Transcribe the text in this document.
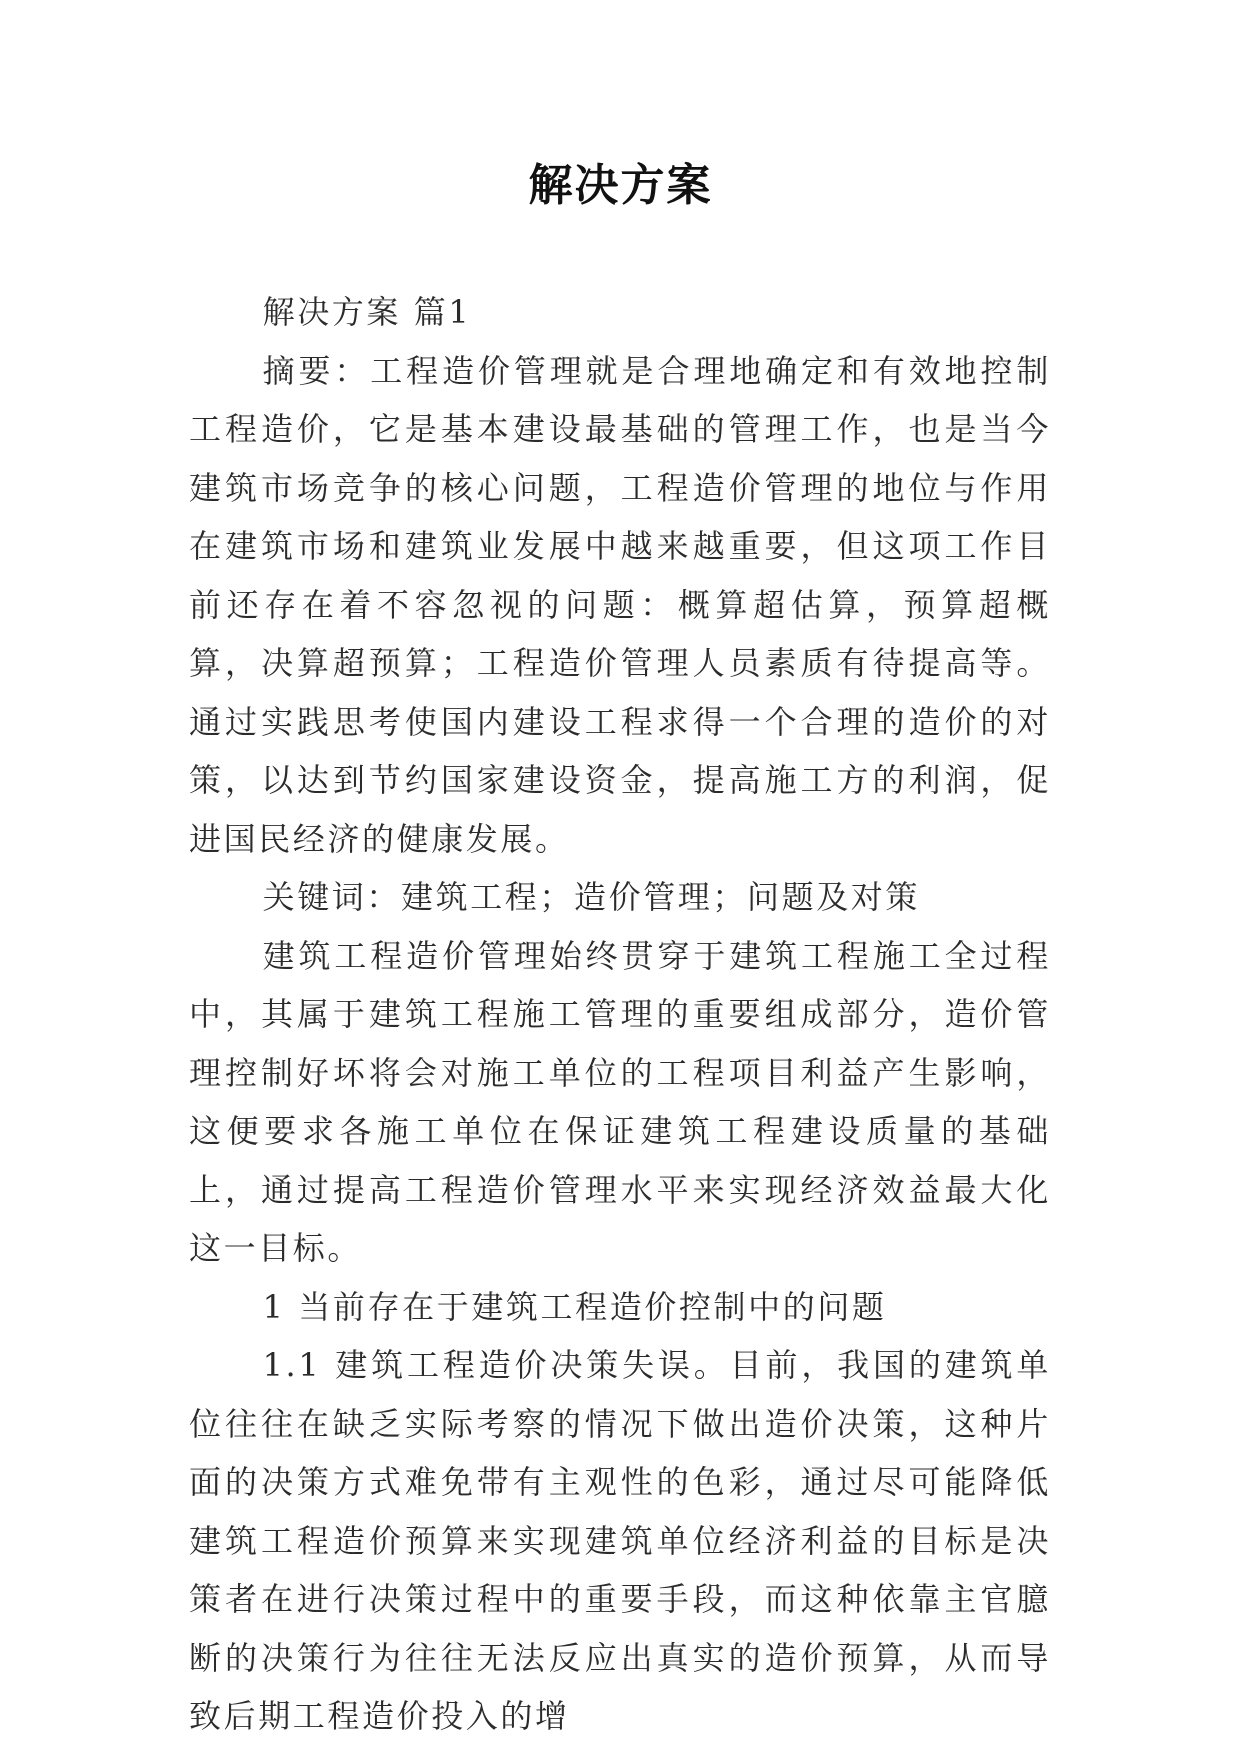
解决方案

解决方案 篇1

摘要：工程造价管理就是合理地确定和有效地控制工程造价，它是基本建设最基础的管理工作，也是当今建筑市场竞争的核心问题，工程造价管理的地位与作用在建筑市场和建筑业发展中越来越重要，但这项工作目前还存在着不容忽视的问题：概算超估算，预算超概算，决算超预算；工程造价管理人员素质有待提高等。通过实践思考使国内建设工程求得一个合理的造价的对策，以达到节约国家建设资金，提高施工方的利润，促进国民经济的健康发展。

关键词：建筑工程；造价管理；问题及对策

建筑工程造价管理始终贯穿于建筑工程施工全过程中，其属于建筑工程施工管理的重要组成部分，造价管理控制好坏将会对施工单位的工程项目利益产生影响，这便要求各施工单位在保证建筑工程建设质量的基础上，通过提高工程造价管理水平来实现经济效益最大化这一目标。

1 当前存在于建筑工程造价控制中的问题

1.1 建筑工程造价决策失误。目前，我国的建筑单位往往在缺乏实际考察的情况下做出造价决策，这种片面的决策方式难免带有主观性的色彩，通过尽可能降低建筑工程造价预算来实现建筑单位经济利益的目标是决策者在进行决策过程中的重要手段，而这种依靠主官臆断的决策行为往往无法反应出真实的造价预算，从而导致后期工程造价投入的增
